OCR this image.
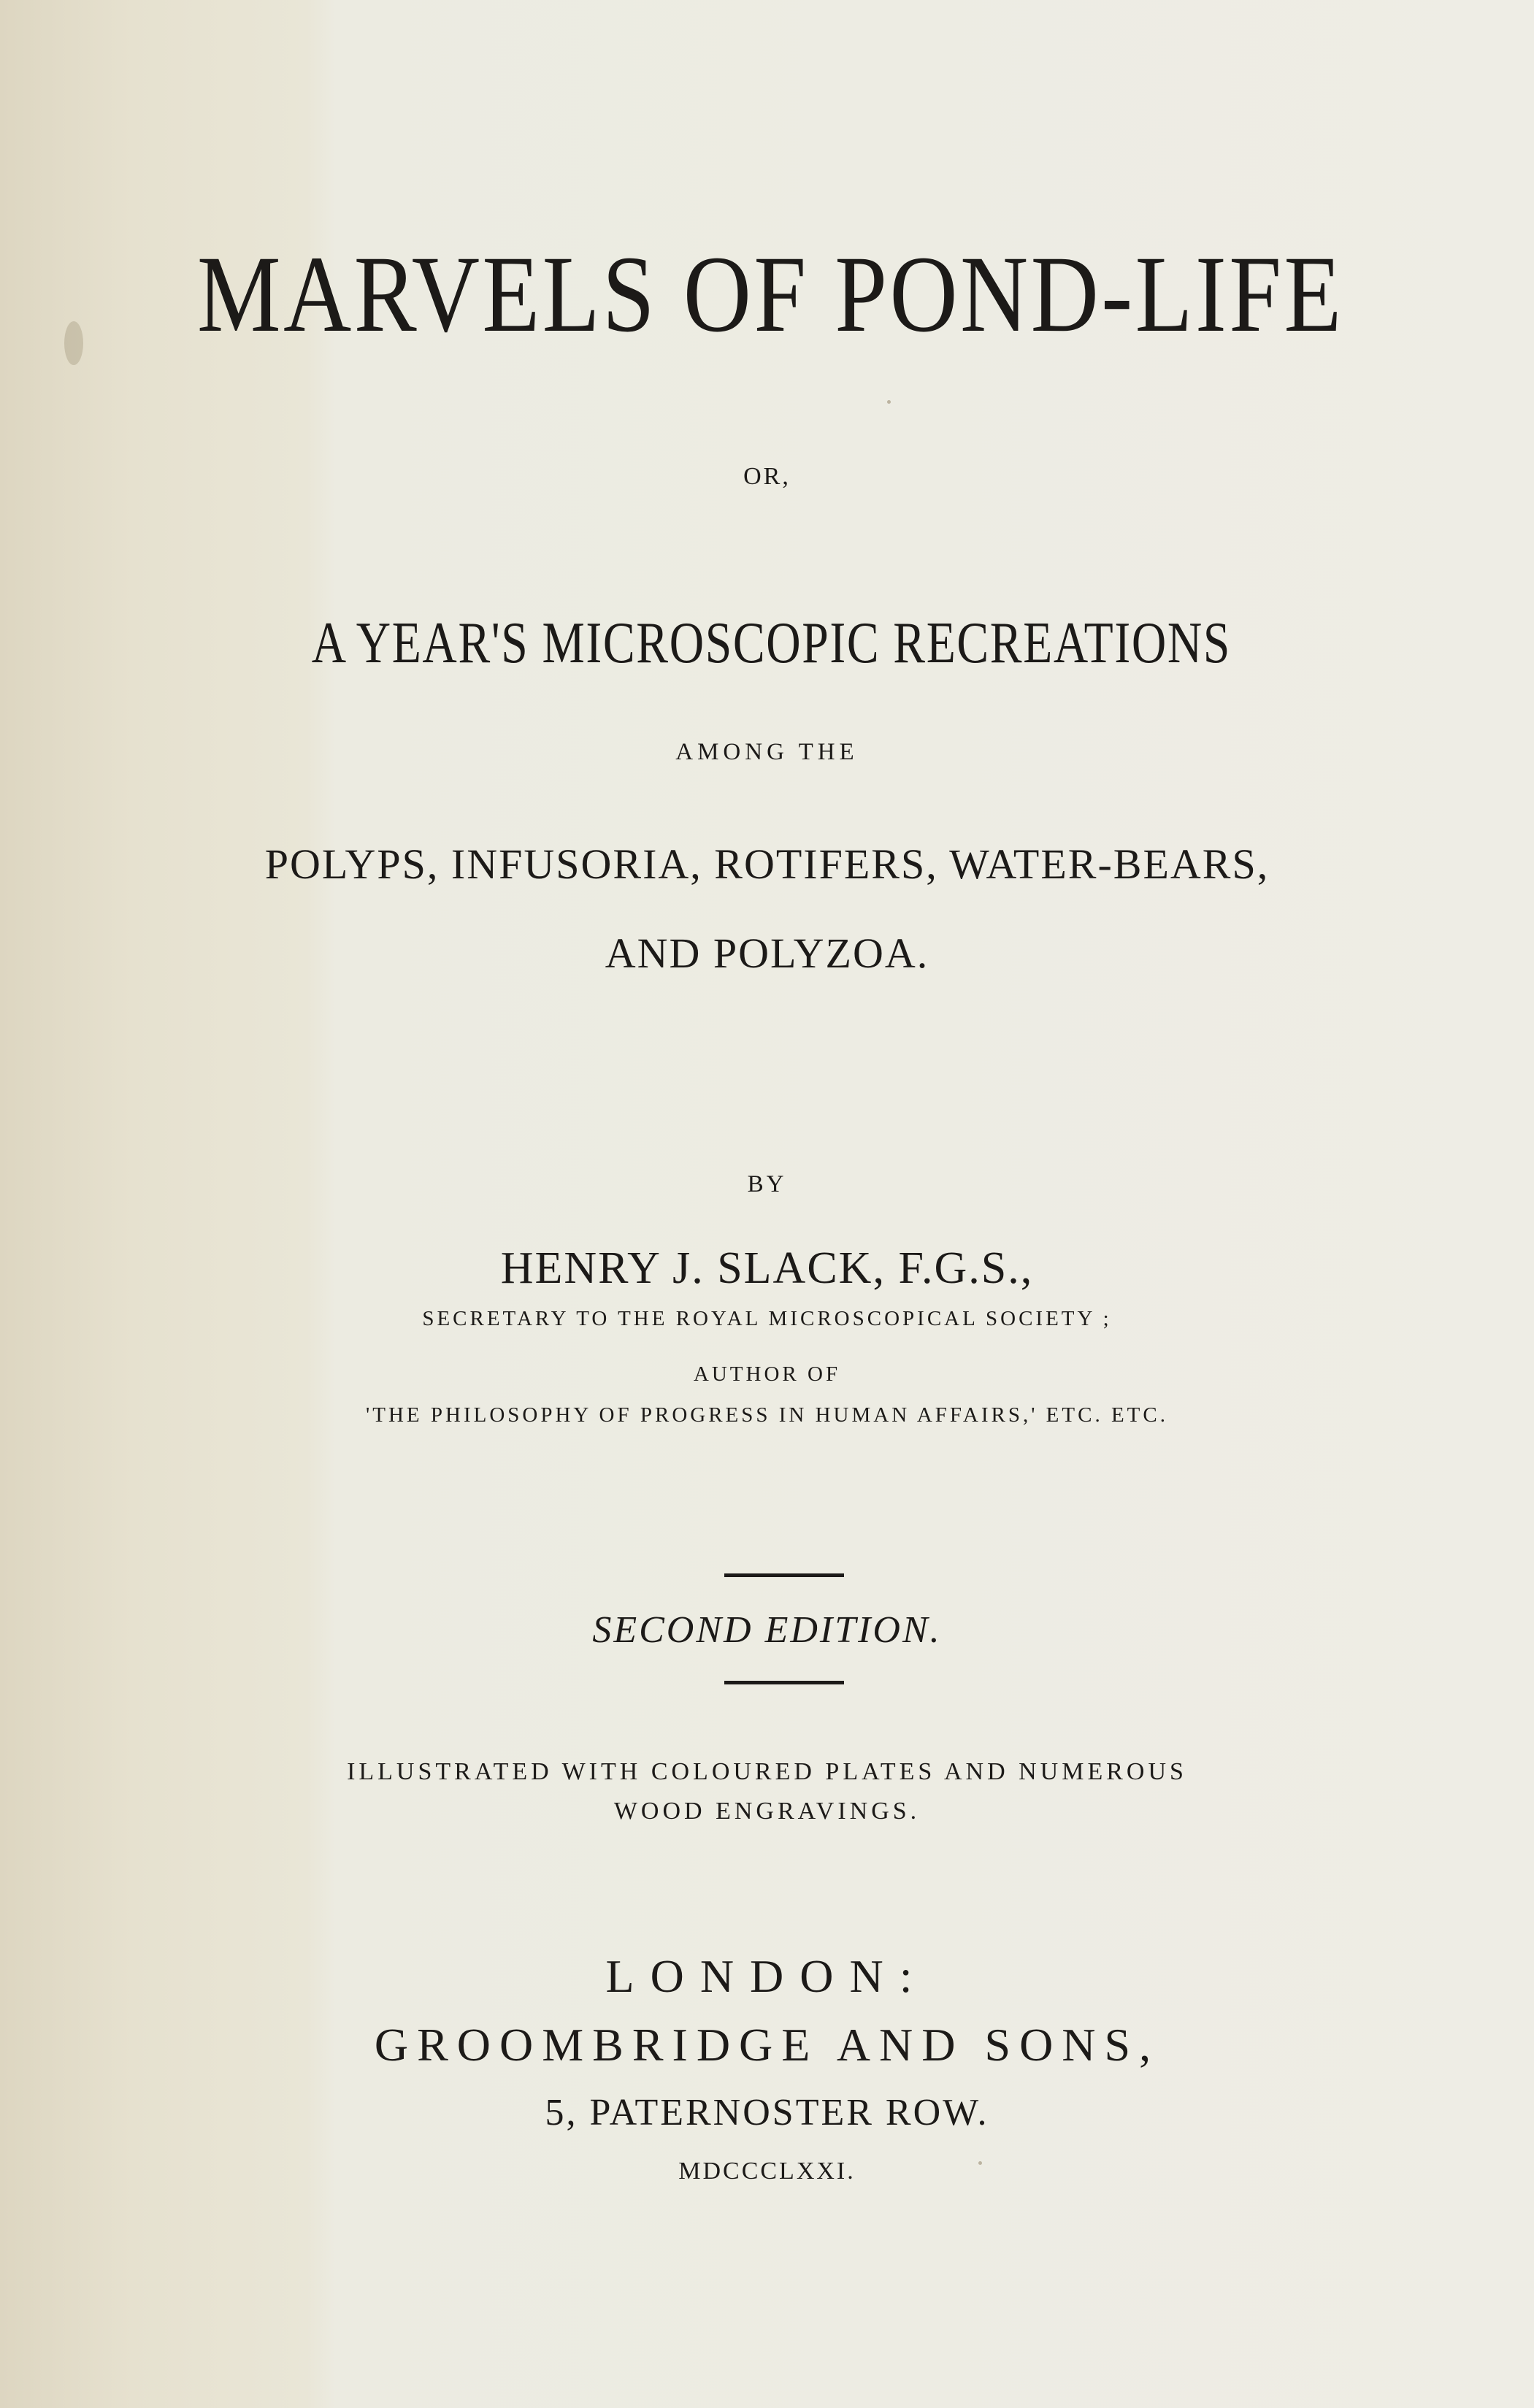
MARVELS OF POND-LIFE
OR,
A YEAR'S MICROSCOPIC RECREATIONS
AMONG THE
POLYPS, INFUSORIA, ROTIFERS, WATER-BEARS,
AND POLYZOA.
BY
HENRY J. SLACK, F.G.S.,
SECRETARY TO THE ROYAL MICROSCOPICAL SOCIETY ;
AUTHOR OF
'THE PHILOSOPHY OF PROGRESS IN HUMAN AFFAIRS,' ETC. ETC.
SECOND EDITION.
ILLUSTRATED WITH COLOURED PLATES AND NUMEROUS
WOOD ENGRAVINGS.
LONDON:
GROOMBRIDGE AND SONS,
5, PATERNOSTER ROW.
MDCCCLXXI.
